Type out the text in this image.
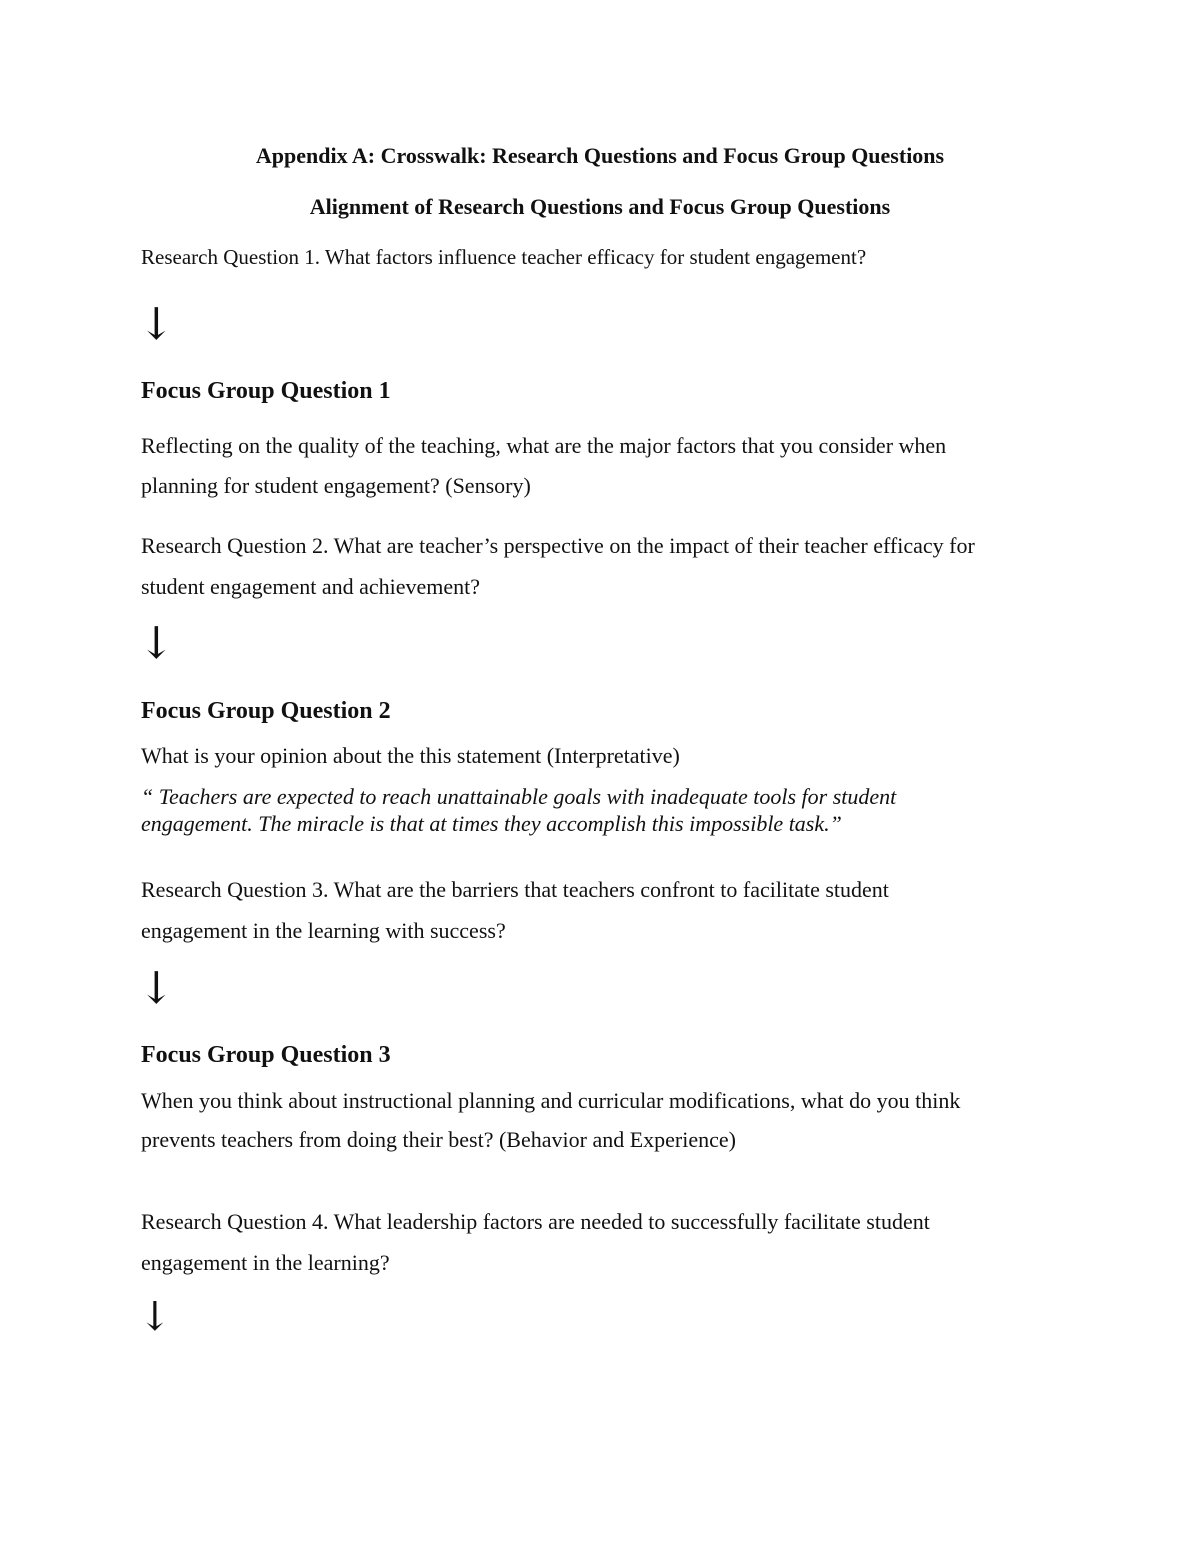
Appendix A: Crosswalk: Research Questions and Focus Group Questions
Alignment of Research Questions and Focus Group Questions
Research Question 1. What factors influence teacher efficacy for student engagement?
↓
Focus Group Question 1
Reflecting on the quality of the teaching, what are the major factors that you consider when
planning for student engagement? (Sensory)
Research Question 2. What are teacher’s perspective on the impact of their teacher efficacy for
student engagement and achievement?
↓
Focus Group Question 2
What is your opinion about the this statement (Interpretative)
“ Teachers are expected to reach unattainable goals with inadequate tools for student
engagement. The miracle is that at times they accomplish this impossible task.”
Research Question 3. What are the barriers that teachers confront to facilitate student
engagement in the learning with success?
↓
Focus Group Question 3
When you think about instructional planning and curricular modifications, what do you think
prevents teachers from doing their best? (Behavior and Experience)
Research Question 4. What leadership factors are needed to successfully facilitate student
engagement in the learning?
↓
